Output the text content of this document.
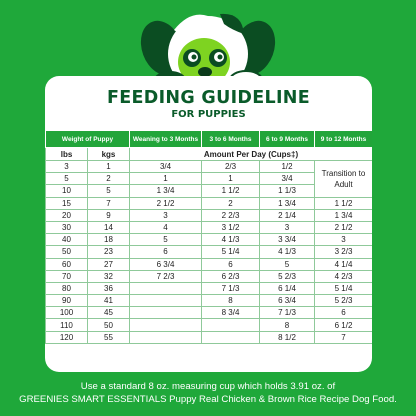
FEEDING GUIDELINE
FOR PUPPIES
Weight of Puppy		Weaning to 3 Months	3 to 6 Months	6 to 9 Months	9 to 12 Months
lbs	kgs	Amount Per Day (Cups‡)			
3	1	3/4	2/3	1/2	Transition to Adult
5	2	1	1	3/4	
10	5	1 3/4	1 1/2	1 1/3	
15	7	2 1/2	2	1 3/4	1 1/2
20	9	3	2 2/3	2 1/4	1 3/4
30	14	4	3 1/2	3	2 1/2
40	18	5	4 1/3	3 3/4	3
50	23	6	5 1/4	4 1/3	3 2/3
60	27	6 3/4	6	5	4 1/4
70	32	7 2/3	6 2/3	5 2/3	4 2/3
80	36		7 1/3	6 1/4	5 1/4
90	41		8	6 3/4	5 2/3
100	45		8 3/4	7 1/3	6
110	50			8	6 1/2
120	55			8 1/2	7
Use a standard 8 oz. measuring cup which holds 3.91 oz. of
GREENIES SMART ESSENTIALS Puppy Real Chicken & Brown Rice Recipe Dog Food.
